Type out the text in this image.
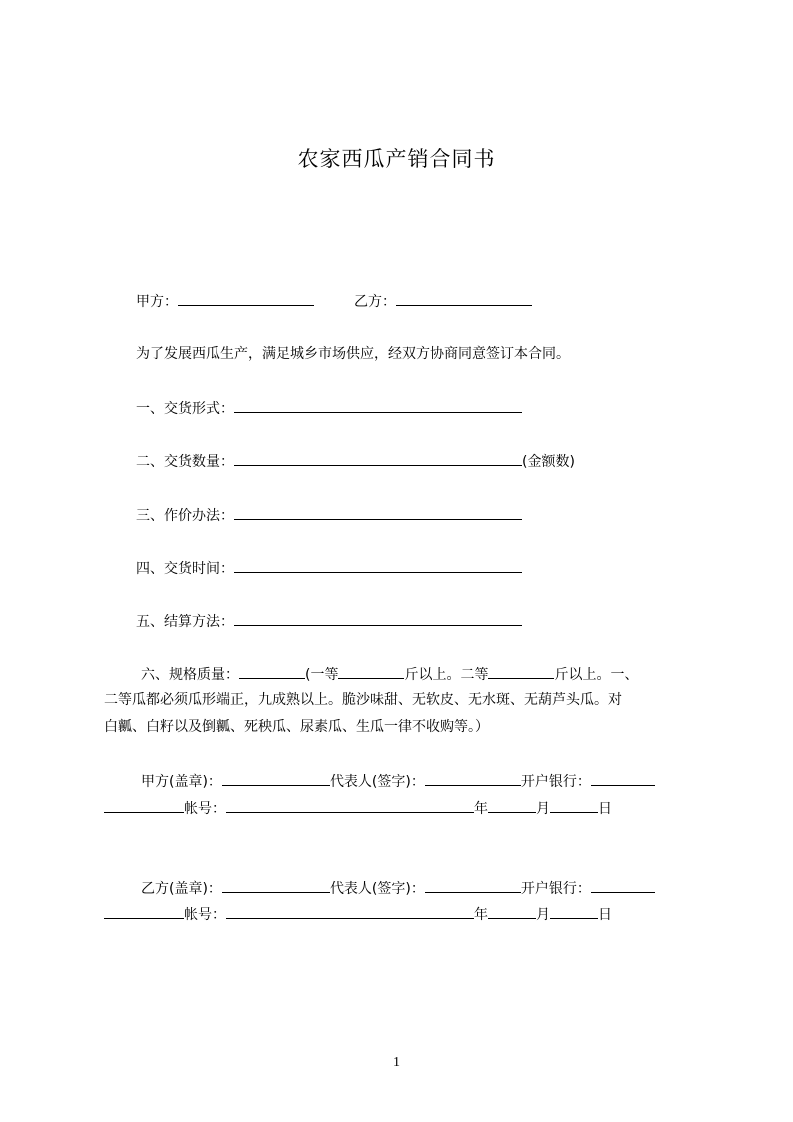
农家西瓜产销合同书
甲方：	乙方：
为了发展西瓜生产，满足城乡市场供应，经双方协商同意签订本合同。
一、交货形式：
二、交货数量：	(金额数)
三、作价办法：
四、交货时间：
五、结算方法：
六、规格质量：	(一等	斤以上。二等	斤以上。一、
二等瓜都必须瓜形端正，九成熟以上。脆沙味甜、无软皮、无水斑、无葫芦头瓜。对
白瓤、白籽以及倒瓤、死秧瓜、尿素瓜、生瓜一律不收购等。）
甲方(盖章)：	代表人(签字)：	开户银行：
帐号：	年	月	日
乙方(盖章)：	代表人(签字)：	开户银行：
帐号：	年	月	日
1
